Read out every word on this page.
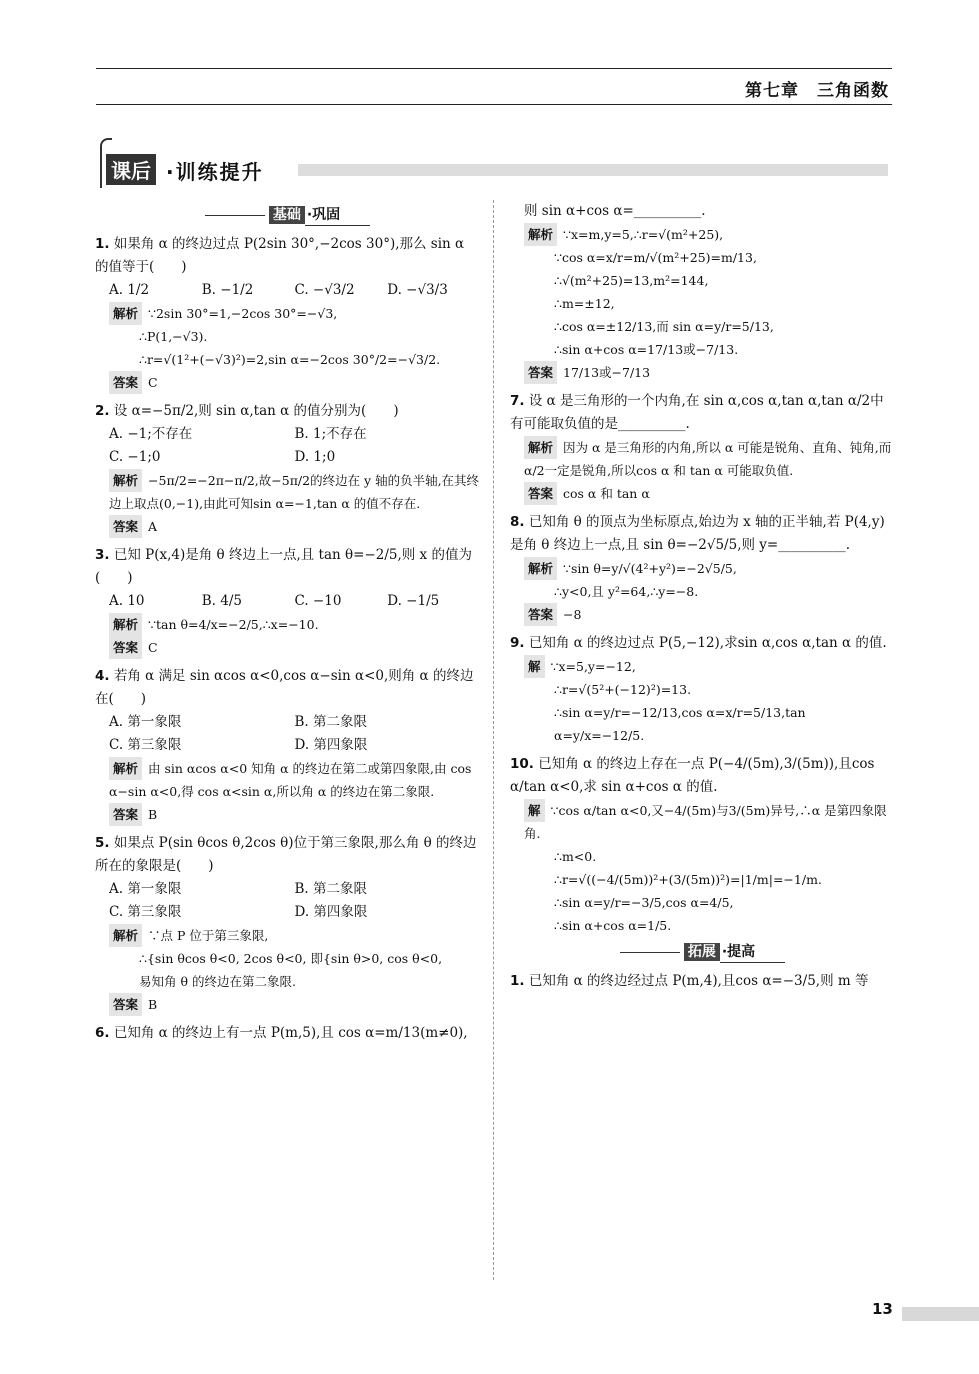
第七章　三角函数
课后 ·训练提升
基础 ·巩固
1. 如果角 α 的终边过点 P(2sin 30°,−2cos 30°),那么 sin α 的值等于(　　)
A. 1/2	B. −1/2	C. −√3/2	D. −√3/3
解析 ∵2sin 30°=1,−2cos 30°=−√3,
∴P(1,−√3).
∴r=√(1²+(−√3)²)=2,sin α=−2cos 30°/2=−√3/2.
答案 C
2. 设 α=−5π/2,则 sin α,tan α 的值分别为(　　)
A. −1;不存在	B. 1;不存在
C. −1;0	D. 1;0
解析 −5π/2=−2π−π/2,故−5π/2的终边在 y 轴的负半轴,在其终边上取点(0,−1),由此可知sin α=−1,tan α 的值不存在.
答案 A
3. 已知 P(x,4)是角 θ 终边上一点,且 tan θ=−2/5,则 x 的值为(　　)
A. 10	B. 4/5	C. −10	D. −1/5
解析 ∵tan θ=4/x=−2/5,∴x=−10.
答案 C
4. 若角 α 满足 sin αcos α<0,cos α−sin α<0,则角 α 的终边在(　　)
A. 第一象限	B. 第二象限
C. 第三象限	D. 第四象限
解析 由 sin αcos α<0 知角 α 的终边在第二或第四象限,由 cos α−sin α<0,得 cos α<sin α,所以角 α 的终边在第二象限.
答案 B
5. 如果点 P(sin θcos θ,2cos θ)位于第三象限,那么角 θ 的终边所在的象限是(　　)
A. 第一象限	B. 第二象限
C. 第三象限	D. 第四象限
解析 ∵点 P 位于第三象限,
∴{sin θcos θ<0, 2cos θ<0, 即{sin θ>0, cos θ<0,
易知角 θ 的终边在第二象限.
答案 B
6. 已知角 α 的终边上有一点 P(m,5),且 cos α=m/13(m≠0),
则 sin α+cos α=__________.
解析 ∵x=m,y=5,∴r=√(m²+25),
∵cos α=x/r=m/√(m²+25)=m/13,
∴√(m²+25)=13,m²=144,
∴m=±12,
∴cos α=±12/13,而 sin α=y/r=5/13,
∴sin α+cos α=17/13或−7/13.
答案 17/13或−7/13
7. 设 α 是三角形的一个内角,在 sin α,cos α,tan α,tan α/2中有可能取负值的是__________.
解析 因为 α 是三角形的内角,所以 α 可能是锐角、直角、钝角,而α/2一定是锐角,所以cos α 和 tan α 可能取负值.
答案 cos α 和 tan α
8. 已知角 θ 的顶点为坐标原点,始边为 x 轴的正半轴,若 P(4,y)是角 θ 终边上一点,且 sin θ=−2√5/5,则 y=__________.
解析 ∵sin θ=y/√(4²+y²)=−2√5/5,
∴y<0,且 y²=64,∴y=−8.
答案 −8
9. 已知角 α 的终边过点 P(5,−12),求sin α,cos α,tan α 的值.
解 ∵x=5,y=−12,
∴r=√(5²+(−12)²)=13.
∴sin α=y/r=−12/13,cos α=x/r=5/13,tan α=y/x=−12/5.
10. 已知角 α 的终边上存在一点 P(−4/(5m),3/(5m)),且cos α/tan α<0,求 sin α+cos α 的值.
解 ∵cos α/tan α<0,又−4/(5m)与3/(5m)异号,∴α 是第四象限角.
∴m<0.
∴r=√((−4/(5m))²+(3/(5m))²)=|1/m|=−1/m.
∴sin α=y/r=−3/5,cos α=4/5,
∴sin α+cos α=1/5.
拓展 ·提高
1. 已知角 α 的终边经过点 P(m,4),且cos α=−3/5,则 m 等
13
